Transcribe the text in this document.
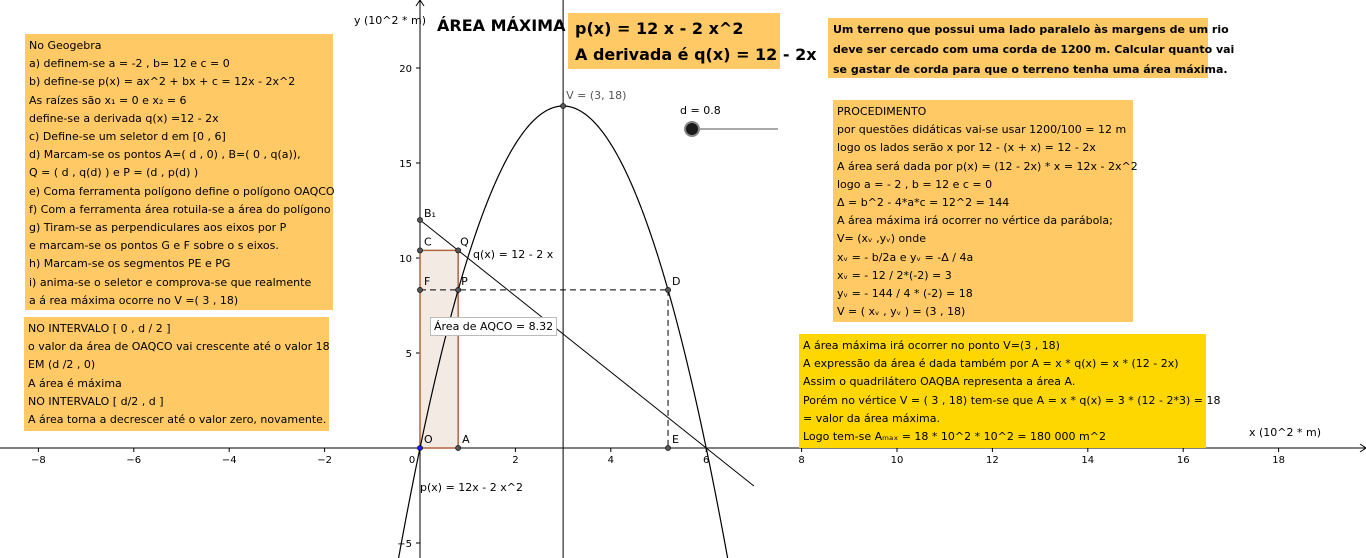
−8	−6	−4	−2	0	2	4	6	8	10	12	14	16	18
−5
5
10
15
20
x (10^2 * m)
y (10^2 * m)
q(x) = 12 - 2 x
p(x) = 12x - 2 x^2
O	A
B₁
C	Q
F	P	D
E
V = (3, 18)
d = 0.8
ÁREA MÁXIMA p(x) = 12 x - 2 x^2
A derivada é q(x) = 12 - 2x
Um terreno que possui uma lado paralelo às margens de um rio
deve ser cercado com uma corda de 1200 m. Calcular quanto vai
se gastar de corda para que o terreno tenha uma área máxima.
No Geogebra
a) definem-se a = -2 , b= 12 e c = 0
b) define-se p(x) = ax^2 + bx + c = 12x - 2x^2
As raízes são x₁ = 0 e x₂ = 6
define-se a derivada q(x) =12 - 2x
c) Define-se um seletor d em [0 , 6]
d) Marcam-se os pontos A=( d , 0) , B=( 0 , q(a)),
Q = ( d , q(d) ) e P = (d , p(d) )
e) Coma ferramenta polígono define o polígono OAQCO
f) Com a ferramenta área rotuila-se a área do polígono
g) Tiram-se as perpendiculares aos eixos por P
e marcam-se os pontos G e F sobre o s eixos.
h) Marcam-se os segmentos PE e PG
i) anima-se o seletor e comprova-se que realmente
a á rea máxima ocorre no V =( 3 , 18)
NO INTERVALO [ 0 , d / 2 ]
o valor da área de OAQCO vai crescente até o valor 18
EM (d /2 , 0)
A área é máxima
NO INTERVALO [ d/2 , d ]
A área torna a decrescer até o valor zero, novamente.
PROCEDIMENTO
por questões didáticas vai-se usar 1200/100 = 12 m
logo os lados serão x por 12 - (x + x) = 12 - 2x
A área será dada por p(x) = (12 - 2x) * x = 12x - 2x^2
logo a = - 2 , b = 12 e c = 0
Δ = b^2 - 4*a*c = 12^2 = 144
A área máxima irá ocorrer no vértice da parábola;
V= (xᵥ ,yᵥ) onde
xᵥ = - b/2a e yᵥ = -Δ / 4a
xᵥ = - 12 / 2*(-2) = 3
yᵥ = - 144 / 4 * (-2) = 18
V = ( xᵥ , yᵥ ) = (3 , 18)
A área máxima irá ocorrer no ponto V=(3 , 18)
A expressão da área é dada também por A = x * q(x) = x * (12 - 2x)
Assim o quadrilátero OAQBA representa a área A.
Porém no vértice V = ( 3 , 18) tem-se que A = x * q(x) = 3 * (12 - 2*3) = 18
= valor da área máxima.
Logo tem-se Aₘₐₓ = 18 * 10^2 * 10^2 = 180 000 m^2
Área de AQCO = 8.32
